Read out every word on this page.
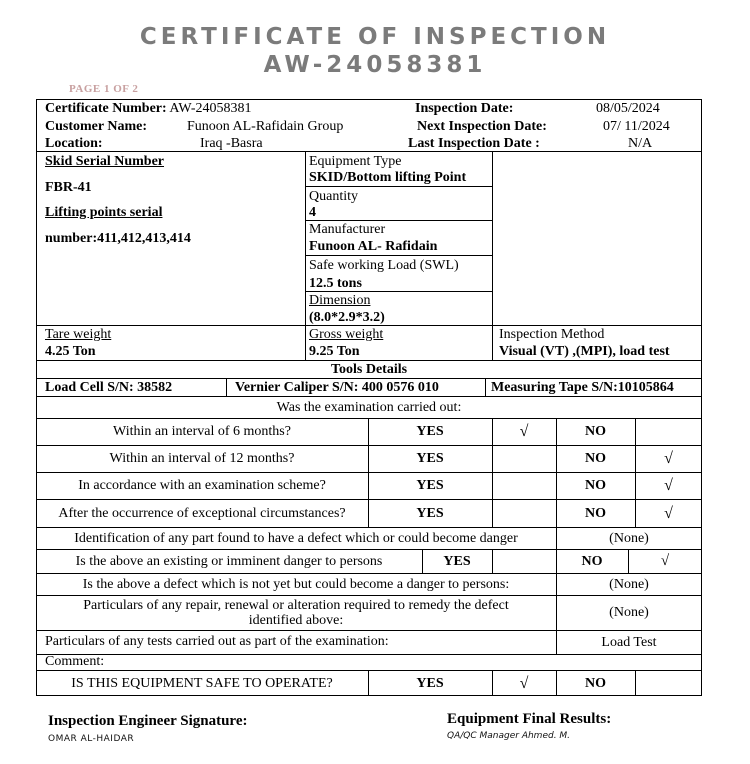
CERTIFICATE OF INSPECTION
AW-24058381
PAGE 1 OF 2
Certificate Number: AW-24058381	Inspection Date:	08/05/2024
Customer Name:	Funoon AL-Rafidain Group	Next Inspection Date:	07/ 11/2024
Location:	Iraq -Basra	Last Inspection Date :	N/A
Skid Serial Number
FBR-41
Lifting points serial
number:411,412,413,414
Equipment Type
SKID/Bottom lifting Point
Quantity
4
Manufacturer
Funoon AL- Rafidain
Safe working Load (SWL)
12.5 tons
Dimension
(8.0*2.9*3.2)
Tare weight
4.25 Ton
Gross weight
9.25 Ton
Inspection Method
Visual (VT) ,(MPI), load test
Tools Details
Load Cell S/N: 38582	Vernier Caliper S/N: 400 0576 010	Measuring Tape S/N:10105864
Was the examination carried out:
Within an interval of 6 months?	YES	√	NO
Within an interval of 12 months?	YES	NO	√
In accordance with an examination scheme?	YES	NO	√
After the occurrence of exceptional circumstances?	YES	NO	√
Identification of any part found to have a defect which or could become danger	(None)
Is the above an existing or imminent danger to persons	YES	NO	√
Is the above a defect which is not yet but could become a danger to persons:	(None)
Particulars of any repair, renewal or alteration required to remedy the defect identified above:	(None)
Particulars of any tests carried out as part of the examination:	Load Test
Comment:
IS THIS EQUIPMENT SAFE TO OPERATE?	YES	√	NO
Inspection Engineer Signature:
OMAR AL-HAIDAR
Equipment Final Results:
QA/QC Manager Ahmed. M.
